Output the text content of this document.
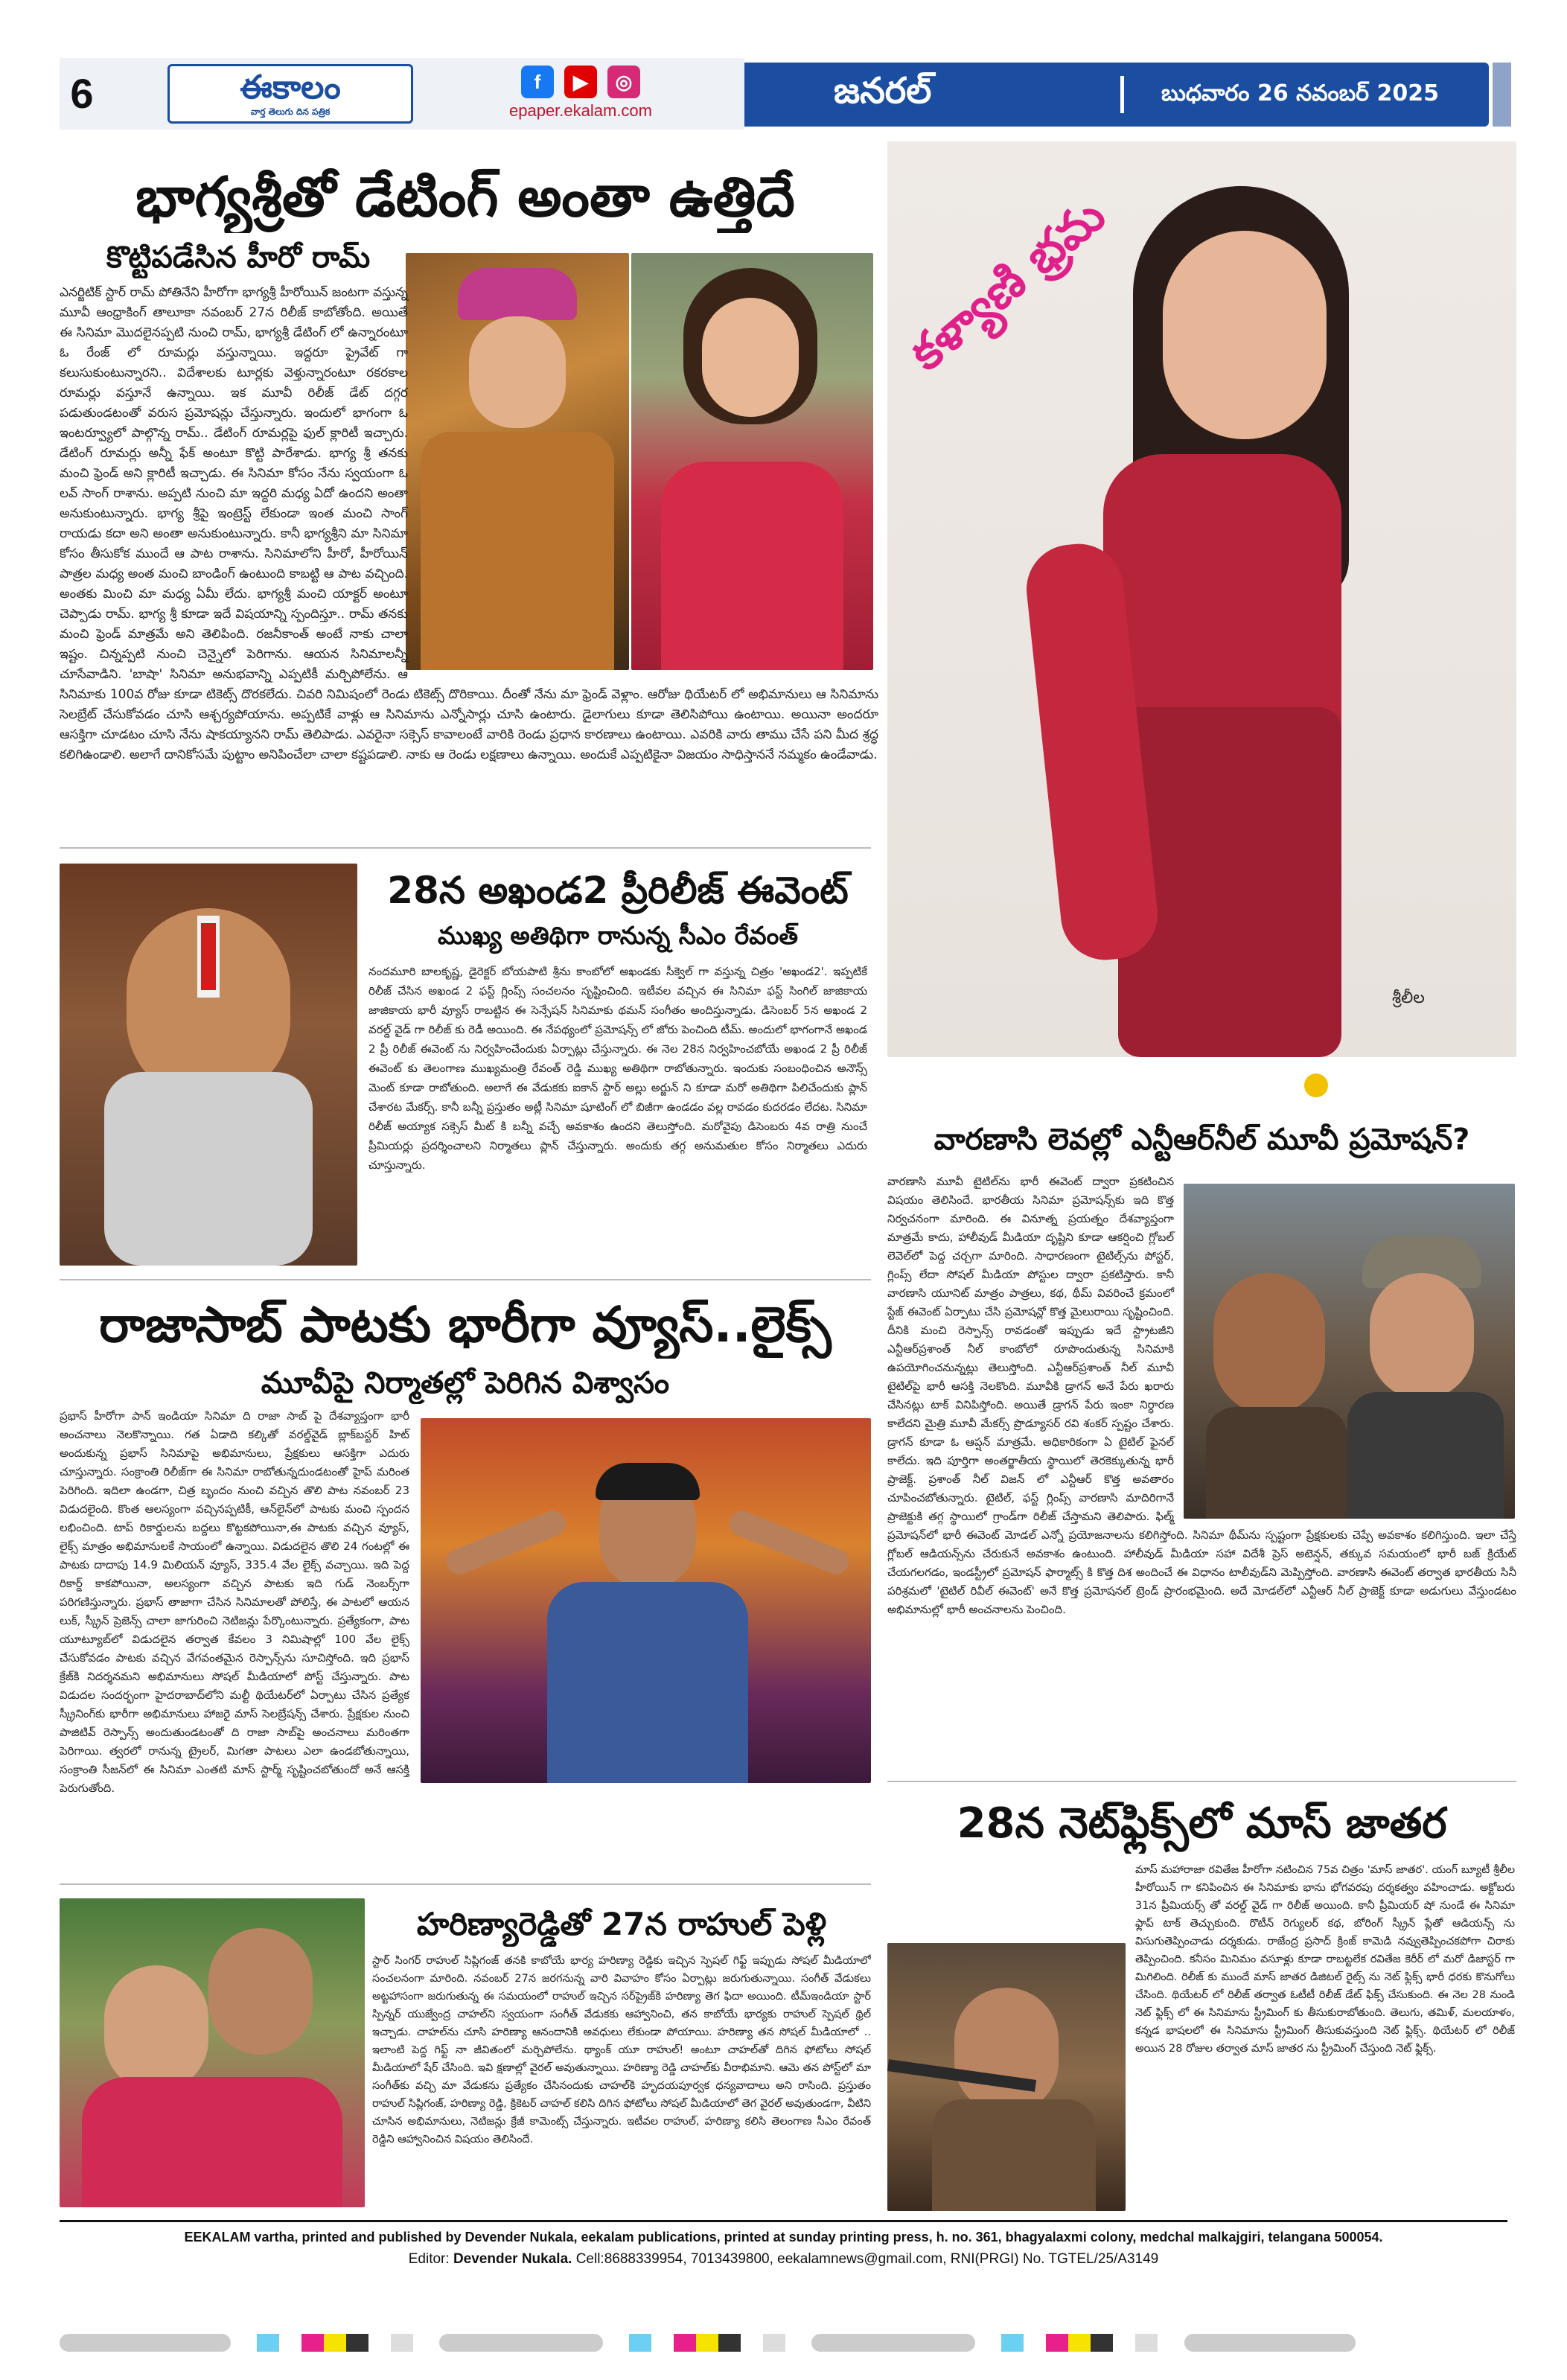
6	ఈకాలం
వార్త తెలుగు దిన పత్రిక
f	▶	◎
epaper.ekalam.com	జనరల్	బుధవారం 26 నవంబర్ 2025
భాగ్యశ్రీతో డేటింగ్ అంతా ఉత్తిదే
కొట్టిపడేసిన హీరో రామ్
ఎనర్జిటిక్ స్టార్ రామ్ పోతినేని హీరోగా భాగ్యశ్రీ హీరోయిన్ జంటగా వస్తున్న మూవీ ఆంధ్రాకింగ్ తాలూకా నవంబర్ 27న రిలీజ్ కాబోతోంది. అయితే ఈ సినిమా మొదలైనప్పటి నుంచి రామ్, భాగ్యశ్రీ డేటింగ్ లో ఉన్నారంటూ ఓ రేంజ్ లో రూమర్లు వస్తున్నాయి. ఇద్దరూ ప్రైవేట్ గా కలుసుకుంటున్నారని.. విదేశాలకు టూర్లకు వెళ్తున్నారంటూ రకరకాల రూమర్లు వస్తూనే ఉన్నాయి. ఇక మూవీ రిలీజ్ డేట్ దగ్గర పడుతుండటంతో వరుస ప్రమోషన్లు చేస్తున్నారు. ఇందులో భాగంగా ఓ ఇంటర్వ్యూలో పాల్గొన్న రామ్.. డేటింగ్ రూమర్లపై ఫుల్ క్లారిటీ ఇచ్చారు. డేటింగ్ రూమర్లు అన్నీ ఫేక్ అంటూ కొట్టి పారేశాడు. భాగ్య శ్రీ తనకు మంచి ఫ్రెండ్ అని క్లారిటీ ఇచ్చాడు. ఈ సినిమా కోసం నేను స్వయంగా ఓ లవ్ సాంగ్ రాశాను. అప్పటి నుంచి మా ఇద్దరి మధ్య ఏదో ఉందని అంతా అనుకుంటున్నారు. భాగ్య శ్రీపై ఇంట్రెస్ట్ లేకుండా ఇంత మంచి సాంగ్ రాయడు కదా అని అంతా అనుకుంటున్నారు. కానీ భాగ్యశ్రీని మా సినిమా కోసం తీసుకోక ముందే ఆ పాట రాశాను. సినిమాలోని హీరో, హీరోయిన్ పాత్రల మధ్య అంత మంచి బాండింగ్ ఉంటుంది కాబట్టి ఆ పాట వచ్చింది. అంతకు మించి మా మధ్య ఏమీ లేదు. భాగ్యశ్రీ మంచి యాక్టర్ అంటూ చెప్పాడు రామ్. భాగ్య శ్రీ కూడా ఇదే విషయాన్ని స్పందిస్తూ.. రామ్ తనకు మంచి ఫ్రెండ్ మాత్రమే అని తెలిపింది. రజనీకాంత్ అంటే నాకు చాలా ఇష్టం. చిన్నప్పటి నుంచి చెన్నైలో పెరిగాను. ఆయన సినిమాలన్నీ చూసేవాడిని. 'బాషా' సినిమా అనుభవాన్ని ఎప్పటికీ మర్చిపోలేను. ఆ సినిమాకు 100వ రోజు కూడా టికెట్స్ దొరకలేదు. చివరి నిమిషంలో రెండు టికెట్స్ దొరికాయి. దీంతో నేను మా ఫ్రెండ్ వెళ్లాం. ఆరోజు థియేటర్ లో అభిమానులు ఆ సినిమాను సెలబ్రేట్ చేసుకోవడం చూసి ఆశ్చర్యపోయాను. అప్పటికే వాళ్లు ఆ సినిమాను ఎన్నోసార్లు చూసి ఉంటారు. డైలాగులు కూడా తెలిసిపోయి ఉంటాయి. అయినా అందరూ ఆసక్తిగా చూడటం చూసి నేను షాకయ్యానని రామ్ తెలిపాడు. ఎవరైనా సక్సెస్ కావాలంటే వారికి రెండు ప్రధాన కారణాలు ఉంటాయి. ఎవరికి వారు తాము చేసే పని మీద శ్రద్ధ కలిగిఉండాలి. అలాగే దానికోసమే పుట్టాం అనిపించేలా చాలా కష్టపడాలి. నాకు ఆ రెండు లక్షణాలు ఉన్నాయి. అందుకే ఎప్పటికైనా విజయం సాధిస్తాననే నమ్మకం ఉండేవాడు.
కళ్యాణి భ్రమ
శ్రీలీల
28న అఖండ2 ప్రీరిలీజ్ ఈవెంట్
ముఖ్య అతిథిగా రానున్న సీఎం రేవంత్
నందమూరి బాలకృష్ణ, డైరెక్టర్ బోయపాటి శ్రీను కాంబోలో అఖండకు సీక్వెల్ గా వస్తున్న చిత్రం 'అఖండ2'. ఇప్పటికే రిలీజ్ చేసిన అఖండ 2 ఫస్ట్ గ్లింప్స్ సంచలనం సృష్టించింది. ఇటీవల వచ్చిన ఈ సినిమా ఫస్ట్ సింగిల్ జాజికాయ జాజికాయ భారీ వ్యూస్ రాబట్టిన ఈ సెన్సేషన్ సినిమాకు థమన్ సంగీతం అందిస్తున్నాడు. డిసెంబర్ 5న అఖండ 2 వరల్డ్ వైడ్ గా రిలీజ్ కు రెడీ అయింది. ఈ నేపథ్యంలో ప్రమోషన్స్ లో జోరు పెంచింది టీమ్. అందులో భాగంగానే అఖండ 2 ప్రీ రిలీజ్ ఈవెంట్ ను నిర్వహించేందుకు ఏర్పాట్లు చేస్తున్నారు. ఈ నెల 28న నిర్వహించబోయే అఖండ 2 ప్రీ రిలీజ్ ఈవెంట్ కు తెలంగాణ ముఖ్యమంత్రి రేవంత్ రెడ్డి ముఖ్య అతిథిగా రాబోతున్నారు. ఇందుకు సంబంధించిన అనౌన్స్ మెంట్ కూడా రాబోతుంది. అలాగే ఈ వేడుకకు ఐకాన్ స్టార్ అల్లు అర్జున్ ని కూడా మరో అతిథిగా పిలిచేందుకు ప్లాన్ చేశారట మేకర్స్. కానీ బన్నీ ప్రస్తుతం అట్లీ సినిమా షూటింగ్ లో బిజీగా ఉండడం వల్ల రావడం కుదరడం లేదట. సినిమా రిలీజ్ అయ్యాక సక్సెస్ మీట్ కి బన్నీ వచ్చే అవకాశం ఉందని తెలుస్తోంది. మరోవైపు డిసెంబరు 4వ రాత్రి నుంచే ప్రీమియర్లు ప్రదర్శించాలని నిర్మాతలు ప్లాన్ చేస్తున్నారు. అందుకు తగ్గ అనుమతుల కోసం నిర్మాతలు ఎదురు చూస్తున్నారు.
వారణాసి లెవల్లో ఎన్టీఆర్‌నీల్ మూవీ ప్రమోషన్?
వారణాసి మూవీ టైటిల్‌ను భారీ ఈవెంట్ ద్వారా ప్రకటించిన విషయం తెలిసిందే. భారతీయ సినిమా ప్రమోషన్స్‌కు ఇది కొత్త నిర్వచనంగా మారింది. ఈ వినూత్న ప్రయత్నం దేశవ్యాప్తంగా మాత్రమే కాదు, హాలీవుడ్ మీడియా దృష్టిని కూడా ఆకర్షించి గ్లోబల్ లెవెల్‌లో పెద్ద చర్చగా మారింది. సాధారణంగా టైటిల్స్‌ను పోస్టర్, గ్లింప్స్ లేదా సోషల్ మీడియా పోస్టుల ద్వారా ప్రకటిస్తారు. కానీ వారణాసి యూనిట్ మాత్రం పాత్రలు, కథ, థీమ్ వివరించే క్రమంలో స్టేజ్ ఈవెంట్ ఏర్పాటు చేసి ప్రమోషన్లో కొత్త మైలురాయి సృష్టించింది. దీనికి మంచి రెస్పాన్స్ రావడంతో ఇప్పుడు ఇదే స్ట్రాటజీని ఎన్టీఆర్‌ప్రశాంత్ నీల్ కాంబోలో రూపొందుతున్న సినిమాకి ఉపయోగించనున్నట్లు తెలుస్తోంది. ఎన్టీఆర్‌ప్రశాంత్ నీల్ మూవీ టైటిల్‌పై భారీ ఆసక్తి నెలకొంది. మూవీకి డ్రాగన్ అనే పేరు ఖరారు చేసినట్లు టాక్ వినిపిస్తోంది. అయితే డ్రాగన్ పేరు ఇంకా నిర్ధారణ కాలేదని మైత్రి మూవీ మేకర్స్ ప్రొడ్యూసర్ రవి శంకర్ స్పష్టం చేశారు. డ్రాగన్ కూడా ఓ ఆప్షన్ మాత్రమే. అధికారికంగా ఏ టైటిల్ ఫైనల్ కాలేదు. ఇది పూర్తిగా అంతర్జాతీయ స్థాయిలో తెరకెక్కుతున్న భారీ ప్రాజెక్ట్. ప్రశాంత్ నీల్ విజన్ లో ఎన్టీఆర్ కొత్త అవతారం చూపించబోతున్నారు. టైటిల్, ఫస్ట్ గ్లింప్స్ వారణాసి మాదిరిగానే ప్రాజెక్టుకి తగ్గ స్థాయిలో గ్రాండ్‌గా రిలీజ్ చేస్తామని తెలిపారు. ఫిల్మ్ ప్రమోషన్‌లో భారీ ఈవెంట్ మోడల్ ఎన్నో ప్రయోజనాలను కలిగిస్తోంది. సినిమా థీమ్‌ను స్పష్టంగా ప్రేక్షకులకు చెప్పే అవకాశం కలిగిస్తుంది. ఇలా చేస్తే గ్లోబల్ ఆడియన్స్‌ను చేరుకునే అవకాశం ఉంటుంది. హాలీవుడ్ మీడియా సహా విదేశీ ప్రెస్ అటెన్షన్, తక్కువ సమయంలో భారీ బజ్ క్రియేట్ చేయగలగడం, ఇండస్ట్రీలో ప్రమోషన్ ఫార్మాట్స్ కి కొత్త దిశ అందించే ఈ విధానం టాలీవుడ్‌ని మెప్పిస్తోంది. వారణాసి ఈవెంట్ తర్వాత భారతీయ సినీ పరిశ్రమలో 'టైటిల్ రివీల్ ఈవెంట్' అనే కొత్త ప్రమోషనల్ ట్రెండ్ ప్రారంభమైంది. అదే మోడల్‌లో ఎన్టీఆర్ నీల్ ప్రాజెక్ట్ కూడా అడుగులు వేస్తుండటం అభిమానుల్లో భారీ అంచనాలను పెంచింది.
రాజాసాబ్ పాటకు భారీగా వ్యూస్..లైక్స్
మూవీపై నిర్మాతల్లో పెరిగిన విశ్వాసం
ప్రభాస్ హీరోగా పాన్ ఇండియా సినిమా ది రాజా సాబ్ పై దేశవ్యాప్తంగా భారీ అంచనాలు నెలకొన్నాయి. గత ఏడాది కల్కితో వరల్డ్‌వైడ్ బ్లాక్‌బస్టర్ హిట్ అందుకున్న ప్రభాస్ సినిమాపై అభిమానులు, ప్రేక్షకులు ఆసక్తిగా ఎదురు చూస్తున్నారు. సంక్రాంతి రిలీజ్‌గా ఈ సినిమా రాబోతున్నదుండటంతో హైప్ మరింత పెరిగింది. ఇదిలా ఉండగా, చిత్ర బృందం నుంచి వచ్చిన తొలి పాట నవంబర్ 23 విడుదలైంది. కొంత ఆలస్యంగా వచ్చినప్పటికీ, ఆన్‌లైన్‌లో పాటకు మంచి స్పందన లభించింది. టాప్ రికార్డులను బద్దలు కొట్టకపోయినా,ఈ పాటకు వచ్చిన వ్యూస్, లైక్స్ మాత్రం అభిమానులకే సాయంలో ఉన్నాయి. విడుదలైన తొలి 24 గంటల్లో ఈ పాటకు దాదాపు 14.9 మిలియన్ వ్యూస్, 335.4 వేల లైక్స్ వచ్చాయి. ఇది పెద్ద రికార్డ్ కాకపోయినా, అలస్యంగా వచ్చిన పాటకు ఇది గుడ్ నెంబర్స్‌గా పరిగణిస్తున్నారు. ప్రభాస్ తాజాగా చేసిన సినిమాలతో పోలిస్తే, ఈ పాటలో ఆయన లుక్, స్క్రీన్ ప్రెజెన్స్ చాలా జాగురించి నెటిజన్లు పేర్కొంటున్నారు. ప్రత్యేకంగా, పాట యూట్యూబ్‌లో విడుదలైన తర్వాత కేవలం 3 నిమిషాల్లో 100 వేల లైక్స్ చేసుకోవడం పాటకు వచ్చిన వేగవంతమైన రెస్పాన్స్‌ను సూచిస్తోంది. ఇది ప్రభాస్ క్రేజ్‌కి నిదర్శనమని అభిమానులు సోషల్ మీడియాలో పోస్ట్ చేస్తున్నారు. పాట విడుదల సందర్భంగా హైదరాబాద్‌లోని మల్టీ థియేటర్‌లో ఏర్పాటు చేసిన ప్రత్యేక స్క్రీనింగ్‌కు భారీగా అభిమానులు హాజరై మాస్ సెలబ్రేషన్స్ చేశారు. ప్రేక్షకుల నుంచి పాజిటివ్ రెస్పాన్స్ అందుతుండటంతో ది రాజా సాబ్‌పై అంచనాలు మరింతగా పెరిగాయి. త్వరలో రానున్న ట్రైలర్, మిగతా పాటలు ఎలా ఉండబోతున్నాయి, సంక్రాంతి సీజన్‌లో ఈ సినిమా ఎంతటి మాస్ స్టార్మ్ సృష్టించబోతుందో అనే ఆసక్తి పెరుగుతోంది.
హరిణ్యారెడ్డితో 27న రాహుల్ పెళ్లి
స్టార్ సింగర్ రాహుల్ సిప్లిగంజ్ తనకి కాబోయే భార్య హరిణ్యా రెడ్డికు ఇచ్చిన స్పెషల్ గిఫ్ట్ ఇప్పుడు సోషల్ మీడియాలో సంచలనంగా మారింది. నవంబర్ 27న జరగనున్న వారి వివాహం కోసం ఏర్పాట్లు జరుగుతున్నాయి. సంగీత్ వేడుకలు అట్టహాసంగా జరుగుతున్న ఈ సమయంలో రాహుల్ ఇచ్చిన సర్‌ప్రైజ్‌కి హరిణ్యా తెగ ఫిదా అయింది. టీమ్‌ఇండియా స్టార్ స్పిన్నర్ యుజ్వేంద్ర చాహల్‌ని స్వయంగా సంగీత్ వేడుకకు ఆహ్వానించి, తన కాబోయే భార్యకు రాహుల్ స్పెషల్ థ్రిల్ ఇచ్చాడు. చాహల్‌ను చూసి హరిణ్యా ఆనందానికి అవధులు లేకుండా పోయాయి. హరిణ్యా తన సోషల్ మీడియాలో .. ఇలాంటి పెద్ద గిఫ్ట్ నా జీవితంలో మర్చిపోలేను. థ్యాంక్ యూ రాహుల్! అంటూ చాహల్‌తో దిగిన ఫోటోలు సోషల్ మీడియాలో షేర్ చేసింది. ఇవి క్షణాల్లో వైరల్ అవుతున్నాయి. హరిణ్యా రెడ్డి చాహల్‌కు వీరాభిమాని. ఆమె తన పోస్ట్‌లో మా సంగీత్‌కు వచ్చి మా వేడుకను ప్రత్యేకం చేసినందుకు చాహల్‌కి హృదయపూర్వక ధన్యవాదాలు అని రాసింది. ప్రస్తుతం రాహుల్ సిప్లిగంజ్, హరిణ్యా రెడ్డి, క్రికెటర్ చాహల్ కలిసి దిగిన ఫోటోలు సోషల్ మీడియాలో తెగ వైరల్ అవుతుండగా, వీటిని చూసిన అభిమానులు, నెటిజన్లు క్రేజీ కామెంట్స్ చేస్తున్నారు. ఇటీవల రాహుల్, హరిణ్యా కలిసి తెలంగాణ సీఎం రేవంత్ రెడ్డిని ఆహ్వానించిన విషయం తెలిసిందే.
28న నెట్‌ఫ్లిక్స్‌లో మాస్ జాతర
మాస్ మహారాజా రవితేజ హీరోగా నటించిన 75వ చిత్రం 'మాస్ జాతర'. యంగ్ బ్యూటీ శ్రీలీల హీరోయిన్ గా కనిపించిన ఈ సినిమాకు భాను భోగవరపు దర్శకత్వం వహించాడు. అక్టోబరు 31న ప్రీమియర్స్ తో వరల్డ్ వైడ్ గా రిలీజ్ అయింది. కానీ ప్రీమియర్ షో నుండే ఈ సినిమా ఫ్లాప్ టాక్ తెచ్చుకుంది. రొటీన్ రెగ్యులర్ కథ, బోరింగ్ స్క్రీన్ ప్లేతో ఆడియన్స్ ను విసుగుతెప్పించాడు దర్శకుడు. రాజేంద్ర ప్రసాద్ క్రింజ్ కామెడి నవ్వుతెప్పించకపోగా చిరాకు తెప్పించింది. కనీసం మినిమం వసూళ్లు కూడా రాబట్టలేక రవితేజ కెరీర్ లో మరో డిజాస్టర్ గా మిగిలింది. రిలీజ్ కు ముందే మాస్ జాతర డిజిటల్ రైట్స్ ను నెట్ ఫ్లిక్స్ భారీ ధరకు కొనుగోలు చేసింది. థియేటర్ లో రిలీజ్ తర్వాత ఓటీటీ రిలీజ్ డేట్ ఫిక్స్ చేసుకుంది. ఈ నెల 28 నుండి నెట్ ఫ్లిక్స్ లో ఈ సినిమాను స్ట్రీమింగ్ కు తీసుకురాబోతుంది. తెలుగు, తమిళ్, మలయాళం, కన్నడ భాషలలో ఈ సినిమాను స్ట్రీమింగ్ తీసుకువస్తుంది నెట్ ఫ్లిక్స్. థియేటర్ లో రిలీజ్ అయిన 28 రోజుల తర్వాత మాస్ జాతర ను స్ట్రీమింగ్ చేస్తుంది నెట్ ఫ్లిక్స్.
EEKALAM vartha, printed and published by Devender Nukala, eekalam publications, printed at sunday printing press, h. no. 361, bhagyalaxmi colony, medchal malkajgiri, telangana 500054.
Editor: Devender Nukala. Cell:8688339954, 7013439800, eekalamnews@gmail.com, RNI(PRGI) No. TGTEL/25/A3149
